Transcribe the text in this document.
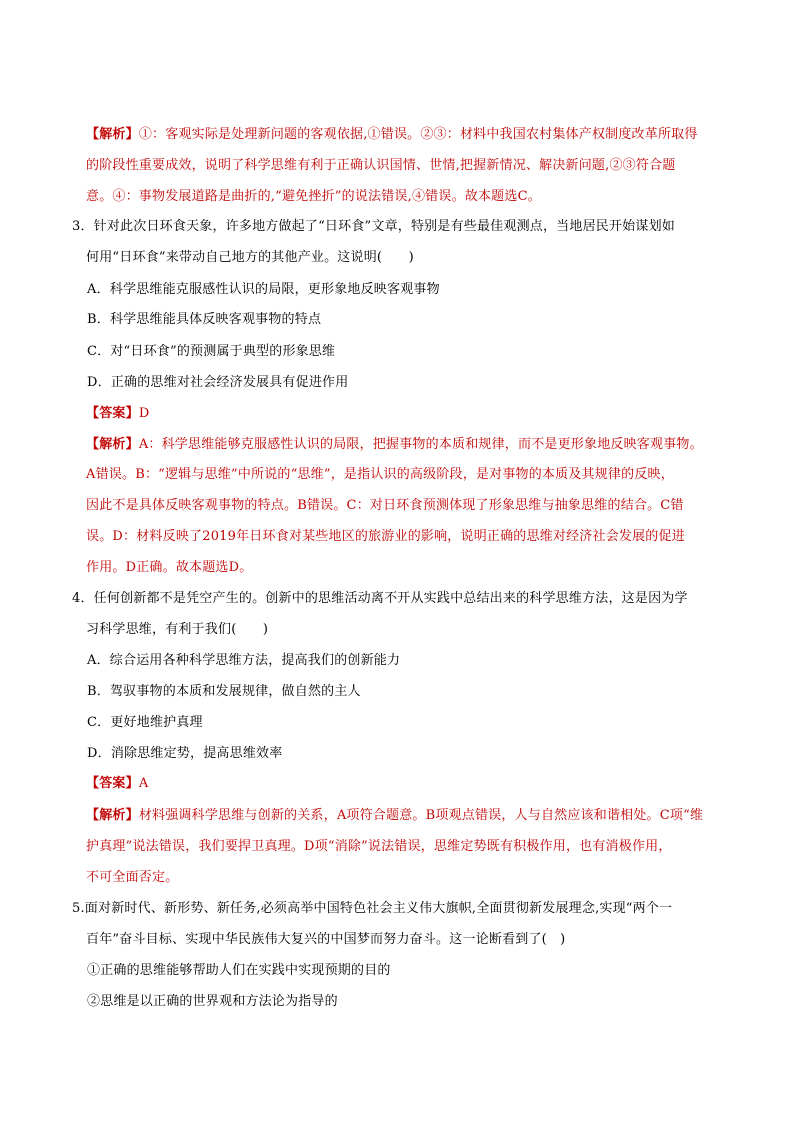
【解析】①：客观实际是处理新问题的客观依据,①错误。②③：材料中我国农村集体产权制度改革所取得
的阶段性重要成效，说明了科学思维有利于正确认识国情、世情,把握新情况、解决新问题,②③符合题
意。④：事物发展道路是曲折的,“避免挫折”的说法错误,④错误。故本题选C。
3．针对此次日环食天象，许多地方做起了“日环食”文章，特别是有些最佳观测点，当地居民开始谋划如
何用“日环食”来带动自己地方的其他产业。这说明(　　)
A．科学思维能克服感性认识的局限，更形象地反映客观事物
B．科学思维能具体反映客观事物的特点
C．对“日环食”的预测属于典型的形象思维
D．正确的思维对社会经济发展具有促进作用
【答案】D
【解析】A：科学思维能够克服感性认识的局限，把握事物的本质和规律，而不是更形象地反映客观事物。
A错误。B：“逻辑与思维”中所说的“思维”，是指认识的高级阶段，是对事物的本质及其规律的反映，
因此不是具体反映客观事物的特点。B错误。C：对日环食预测体现了形象思维与抽象思维的结合。C错
误。D：材料反映了2019年日环食对某些地区的旅游业的影响，说明正确的思维对经济社会发展的促进
作用。D正确。故本题选D。
4．任何创新都不是凭空产生的。创新中的思维活动离不开从实践中总结出来的科学思维方法，这是因为学
习科学思维，有利于我们(　　)
A．综合运用各种科学思维方法，提高我们的创新能力
B．驾驭事物的本质和发展规律，做自然的主人
C．更好地维护真理
D．消除思维定势，提高思维效率
【答案】A
【解析】材料强调科学思维与创新的关系，A项符合题意。B项观点错误，人与自然应该和谐相处。C项“维
护真理”说法错误，我们要捍卫真理。D项“消除”说法错误，思维定势既有积极作用，也有消极作用，
不可全面否定。
5.面对新时代、新形势、新任务,必须高举中国特色社会主义伟大旗帜,全面贯彻新发展理念,实现“两个一
百年”奋斗目标、实现中华民族伟大复兴的中国梦而努力奋斗。这一论断看到了(　)
①正确的思维能够帮助人们在实践中实现预期的目的
②思维是以正确的世界观和方法论为指导的
